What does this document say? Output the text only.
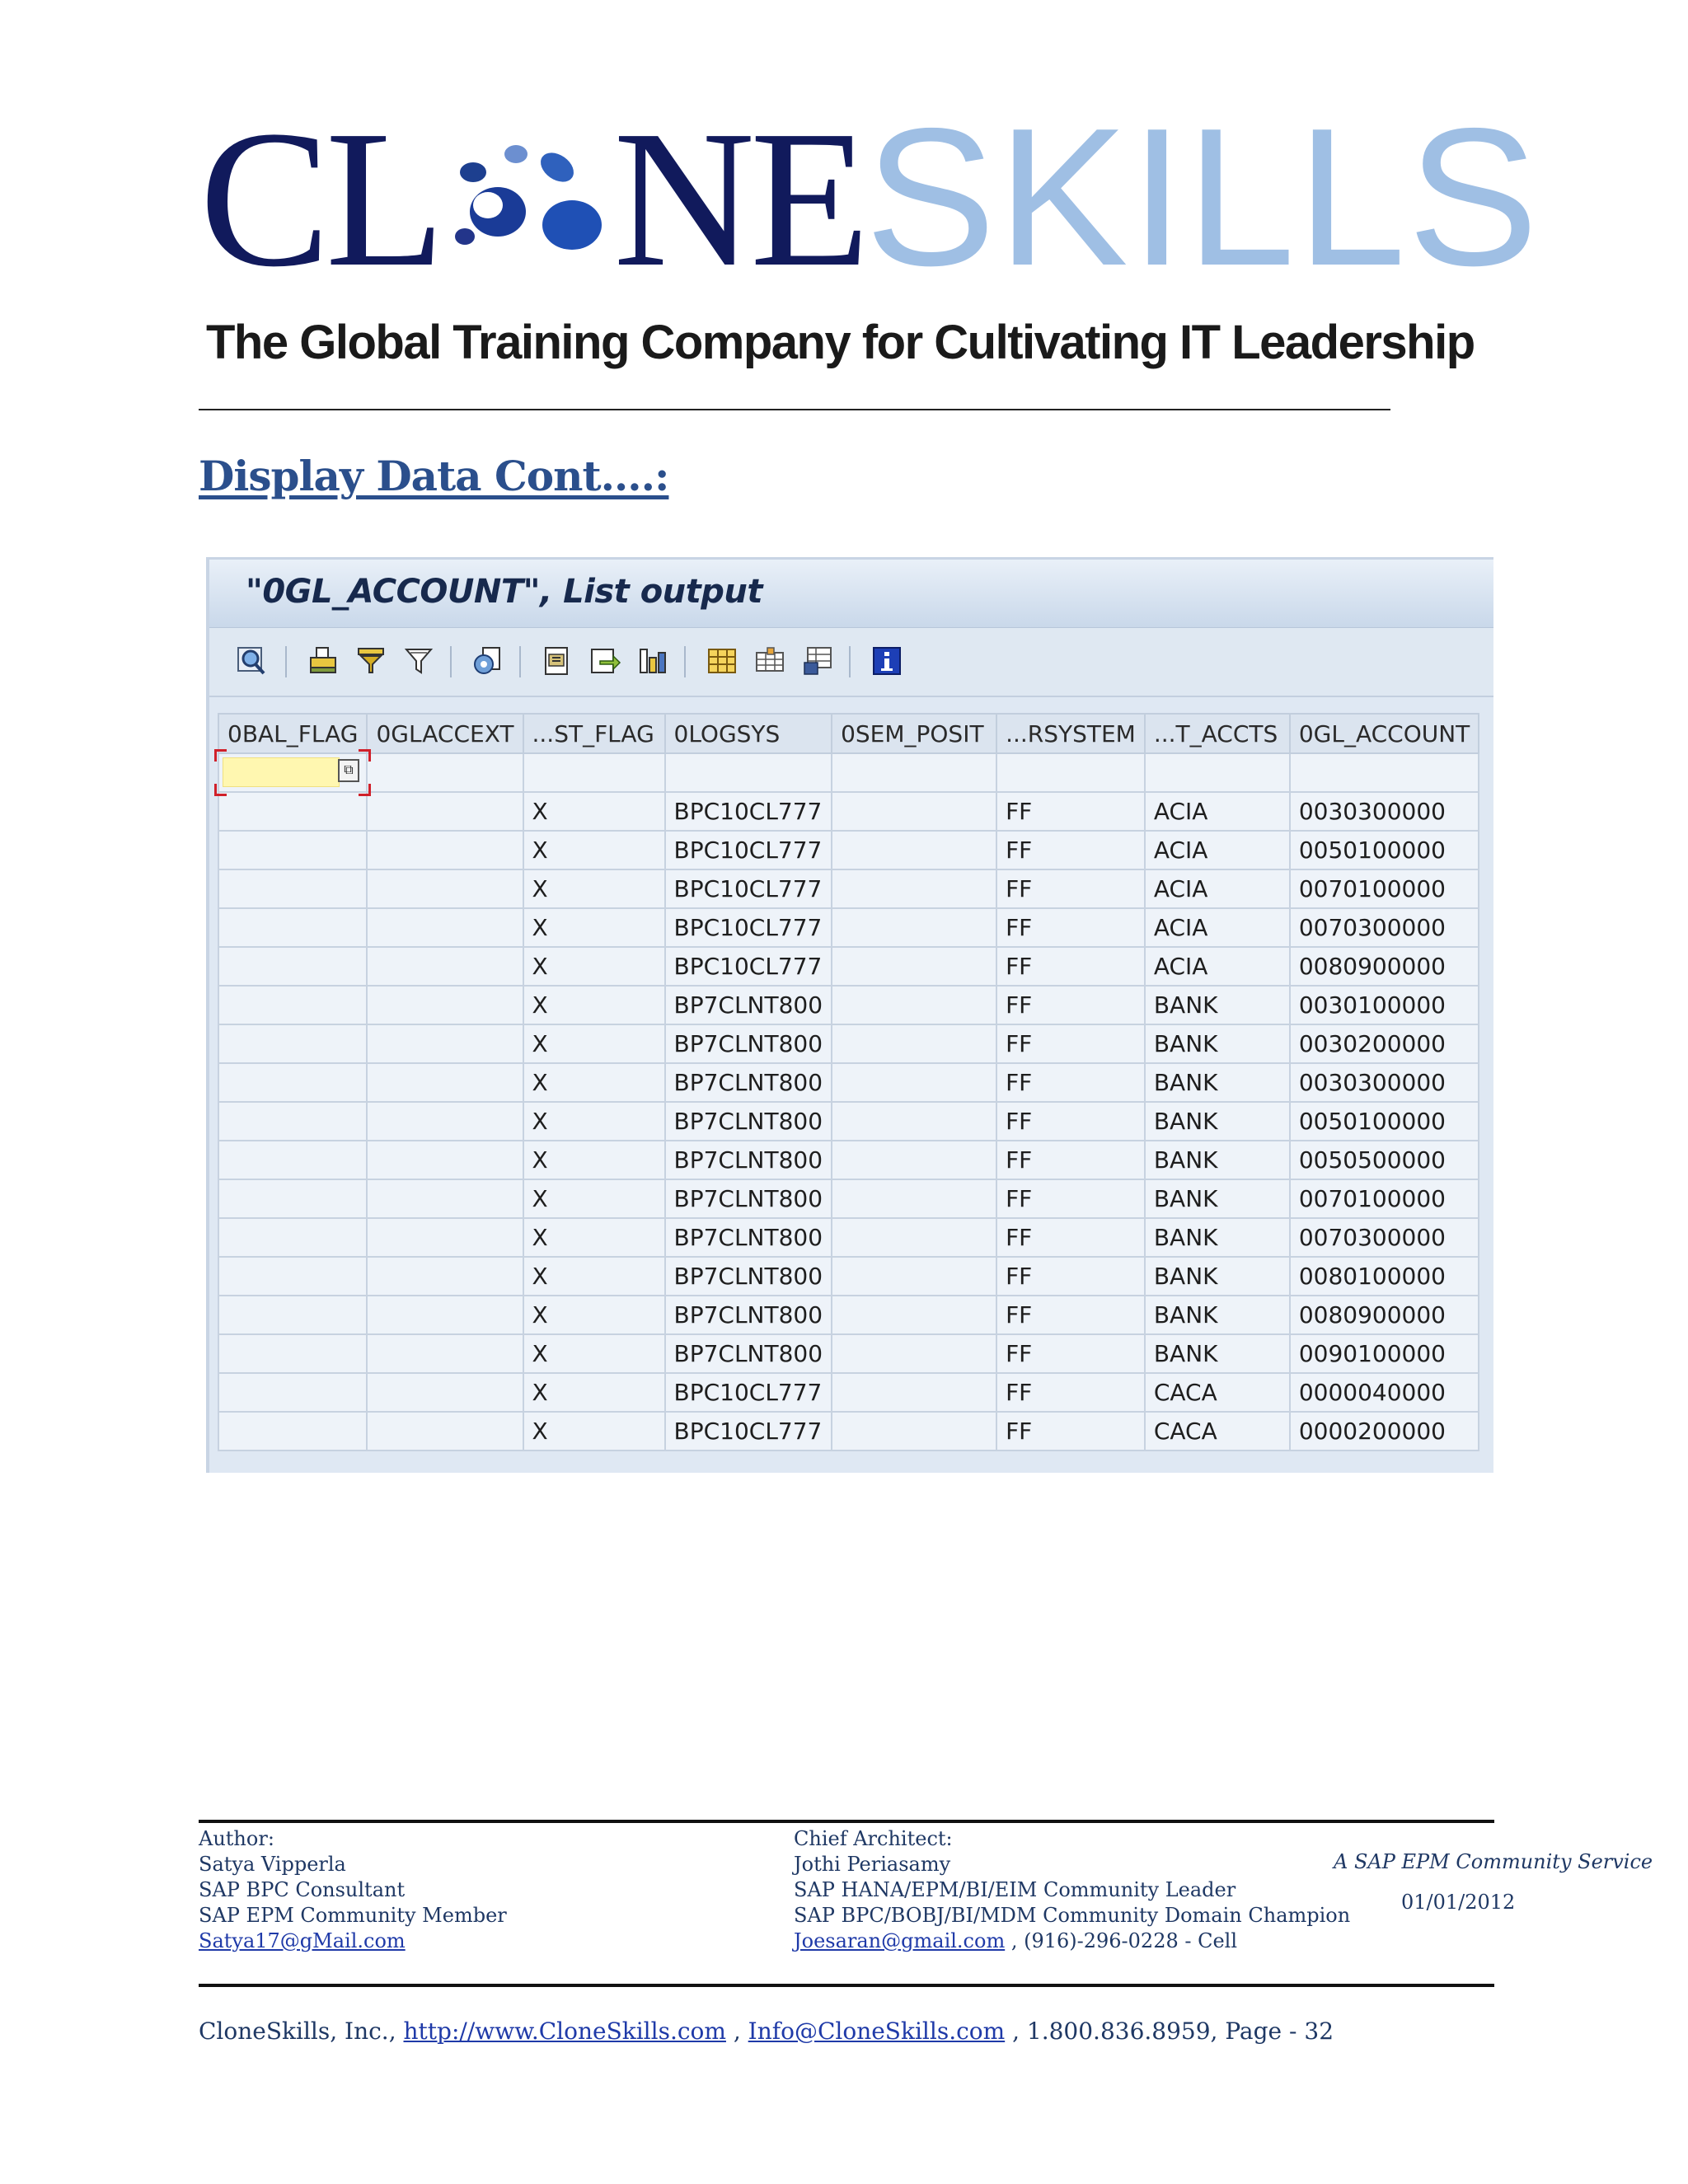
CL NESKILLS
The Global Training Company for Cultivating IT Leadership
Display Data Cont….:
"0GL_ACCOUNT", List output
0BAL_FLAG	0GLACCEXT	...ST_FLAG	0LOGSYS	0SEM_POSIT	...RSYSTEM	...T_ACCTS	0GL_ACCOUNT

⧉							

		X	BPC10CL777		FF	ACIA	0030300000
		X	BPC10CL777		FF	ACIA	0050100000
		X	BPC10CL777		FF	ACIA	0070100000
		X	BPC10CL777		FF	ACIA	0070300000
		X	BPC10CL777		FF	ACIA	0080900000
		X	BP7CLNT800		FF	BANK	0030100000
		X	BP7CLNT800		FF	BANK	0030200000
		X	BP7CLNT800		FF	BANK	0030300000
		X	BP7CLNT800		FF	BANK	0050100000
		X	BP7CLNT800		FF	BANK	0050500000
		X	BP7CLNT800		FF	BANK	0070100000
		X	BP7CLNT800		FF	BANK	0070300000
		X	BP7CLNT800		FF	BANK	0080100000
		X	BP7CLNT800		FF	BANK	0080900000
		X	BP7CLNT800		FF	BANK	0090100000
		X	BPC10CL777		FF	CACA	0000040000
		X	BPC10CL777		FF	CACA	0000200000
Author:
Satya Vipperla
SAP BPC Consultant
SAP EPM Community Member
Satya17@gMail.com
Chief Architect:
Jothi Periasamy
SAP HANA/EPM/BI/EIM Community Leader
SAP BPC/BOBJ/BI/MDM Community Domain Champion
Joesaran@gmail.com , (916)-296-0228 - Cell
A SAP EPM Community Service
01/01/2012
CloneSkills, Inc., http://www.CloneSkills.com , Info@CloneSkills.com , 1.800.836.8959, Page - 32
